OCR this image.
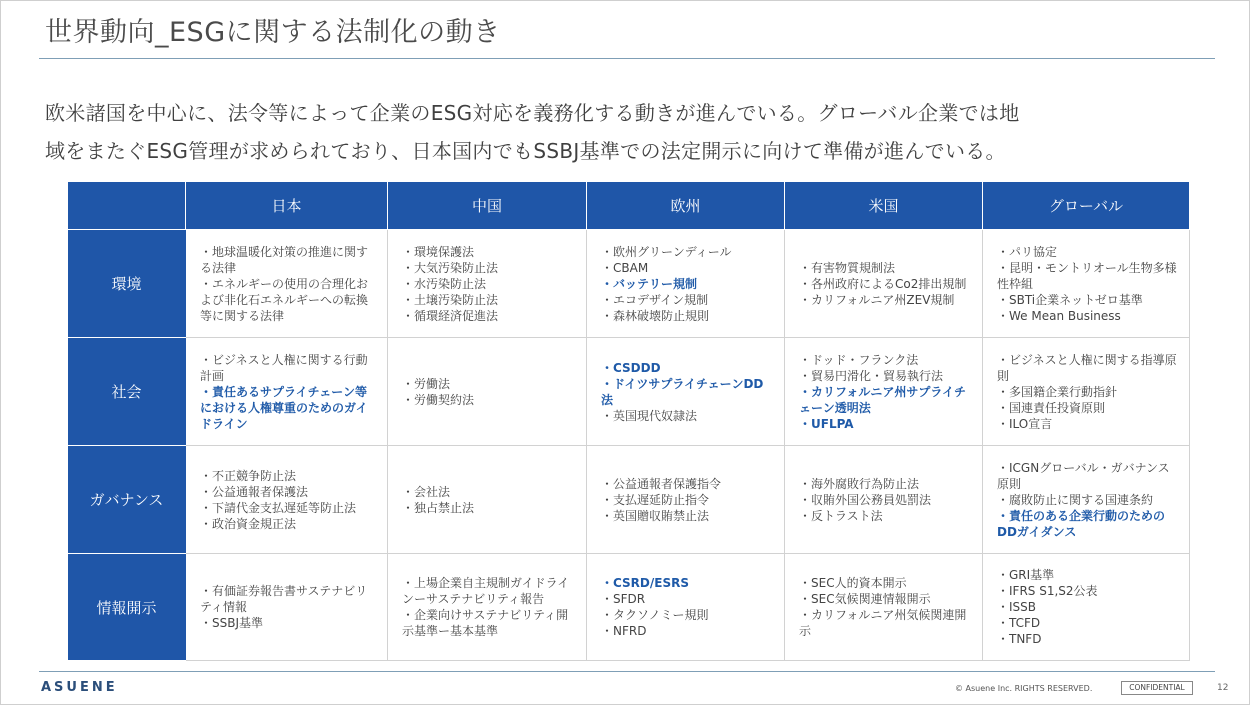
世界動向_ESGに関する法制化の動き
欧米諸国を中心に、法令等によって企業のESG対応を義務化する動きが進んでいる。グローバル企業では地
域をまたぐESG管理が求められており、日本国内でもSSBJ基準での法定開示に向けて準備が進んでいる。
	日本	中国	欧州	米国	グローバル
環境	・地球温暖化対策の推進に関する法律
・エネルギーの使用の合理化および非化石エネルギーへの転換等に関する法律	・環境保護法
・大気汚染防止法
・水汚染防止法
・土壌汚染防止法
・循環経済促進法	・欧州グリーンディール
・CBAM
・バッテリー規制
・エコデザイン規制
・森林破壊防止規則	・有害物質規制法
・各州政府によるCo2排出規制
・カリフォルニア州ZEV規制	・パリ協定
・昆明・モントリオール生物多様性枠組
・SBTi企業ネットゼロ基準
・We Mean Business

社会	・ビジネスと人権に関する行動計画
・責任あるサプライチェーン等における人権尊重のためのガイドライン	・労働法
・労働契約法	・CSDDD
・ドイツサプライチェーンDD法
・英国現代奴隷法	・ドッド・フランク法
・貿易円滑化・貿易執行法
・カリフォルニア州サプライチェーン透明法
・UFLPA	・ビジネスと人権に関する指導原則
・多国籍企業行動指針
・国連責任投資原則
・ILO宣言

ガバナンス	・不正競争防止法
・公益通報者保護法
・下請代金支払遅延等防止法
・政治資金規正法	・会社法
・独占禁止法	・公益通報者保護指令
・支払遅延防止指令
・英国贈収賄禁止法	・海外腐敗行為防止法
・収賄外国公務員処罰法
・反トラスト法	・ICGNグローバル・ガバナンス原則
・腐敗防止に関する国連条約
・責任のある企業行動のためのDDガイダンス

情報開示	・有価証券報告書サステナビリティ情報
・SSBJ基準	・上場企業自主規制ガイドラインーサステナビリティ報告
・企業向けサステナビリティ開示基準ー基本基準	・CSRD/ESRS
・SFDR
・タクソノミー規則
・NFRD	・SEC人的資本開示
・SEC気候関連情報開示
・カリフォルニア州気候関連開示	・GRI基準
・IFRS S1,S2公表
・ISSB
・TCFD
・TNFD
ASUENE	© Asuene Inc. RIGHTS RESERVED.	CONFIDENTIAL	12
